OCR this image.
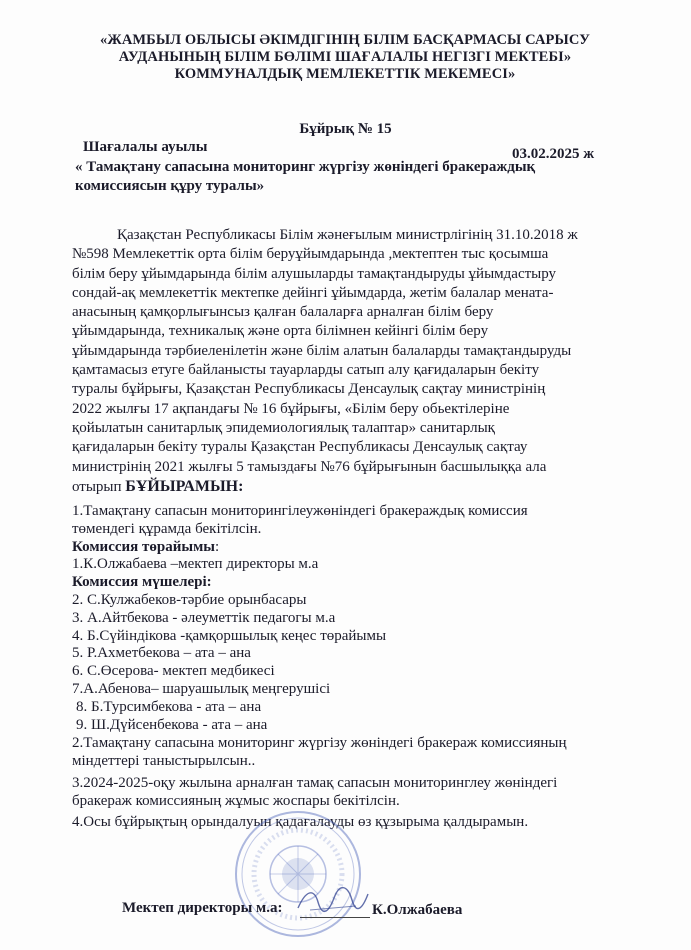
«ЖАМБЫЛ ОБЛЫСЫ ӘКІМДІГІНІҢ БІЛІМ БАСҚАРМАСЫ САРЫСУ
АУДАНЫНЫҢ БІЛІМ БӨЛІМІ ШАҒАЛАЛЫ НЕГІЗГІ МЕКТЕБІ»
КОММУНАЛДЫҚ МЕМЛЕКЕТТІК МЕКЕМЕСІ»
Бұйрық № 15
Шағалалы ауылы	03.02.2025 ж
« Тамақтану сапасына мониторинг жүргізу жөніндегі бракераждық
комиссиясын құру туралы»
Қазақстан Республикасы Білім жәнеғылым министрлігінің 31.10.2018 ж
№598 Мемлекеттік орта білім беруұйымдарында ,мектептен тыс қосымша
білім беру ұйымдарында білім алушыларды тамақтандыруды ұйымдастыру
сондай-ақ мемлекеттік мектепке дейінгі ұйымдарда, жетім балалар мената-
анасының қамқорлығынсыз қалған балаларға арналған білім беру
ұйымдарында, техникалық және орта білімнен кейінгі білім беру
ұйымдарында тәрбиеленілетін және білім алатын балаларды тамақтандыруды
қамтамасыз етуге байланысты тауарларды сатып алу қағидаларын бекіту
туралы бұйрығы, Қазақстан Республикасы Денсаулық сақтау министрінің
2022 жылғы 17 ақпандағы № 16 бұйрығы, «Білім беру обьектілеріне
қойылатын санитарлық эпидемиологиялық талаптар» санитарлық
қағидаларын бекіту туралы Қазақстан Республикасы Денсаулық сақтау
министрінің 2021 жылғы 5 тамыздағы №76 бұйрығынын басшылыққа ала
отырып БҰЙЫРАМЫН:
1.Тамақтану сапасын мониторингілеужөніндегі бракераждық комиссия
төмендегі құрамда бекітілсін.
Комиссия төрайымы:
1.К.Олжабаева –мектеп директоры м.а
Комиссия мүшелері:
2. С.Кулжабеков-тәрбие орынбасары
3. А.Айтбекова - әлеуметтік педагогы м.а
4. Б.Сүйіндікова -қамқоршылық кеңес төрайымы
5. Р.Ахметбекова – ата – ана
6. С.Өсерова- мектеп медбикесі
7.А.Абенова– шаруашылық меңгерушісі
8. Б.Турсимбекова - ата – ана
9. Ш.Дүйсенбекова - ата – ана
2.Тамақтану сапасына мониторинг жүргізу жөніндегі бракераж комиссияның
міндеттері таныстырылсын..
3.2024-2025-оқу жылына арналған тамақ сапасын мониторинглеу жөніндегі
бракераж комиссияның жұмыс жоспары бекітілсін.
4.Осы бұйрықтың орындалуын қадағалауды өз құзырыма қалдырамын.
Мектеп директоры м.а:	К.Олжабаева
